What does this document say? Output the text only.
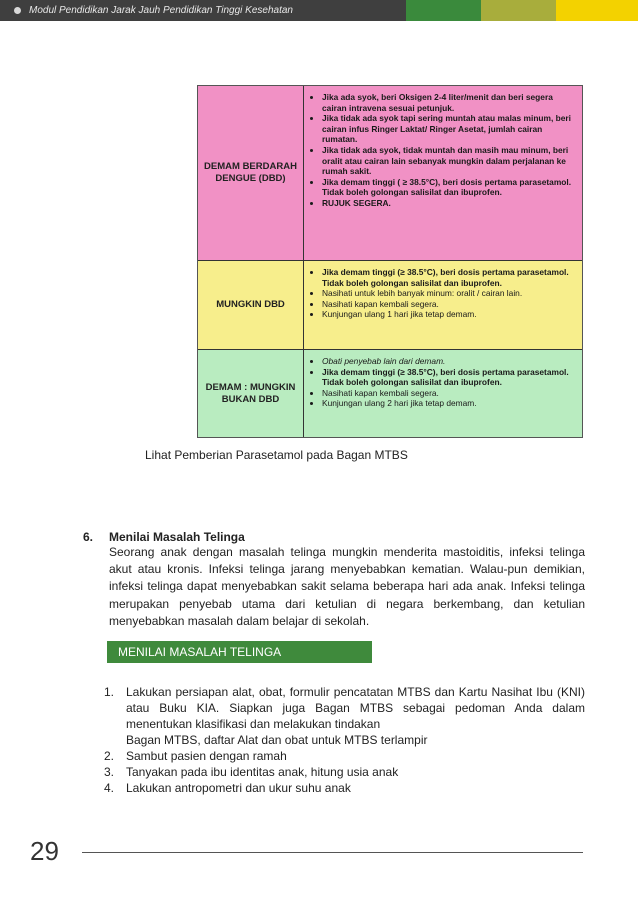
Modul Pendidikan Jarak Jauh Pendidikan Tinggi Kesehatan
DEMAM BERDARAH DENGUE (DBD)
• Jika ada syok, beri Oksigen 2-4 liter/menit dan beri segera cairan intravena sesuai petunjuk.
• Jika tidak ada syok tapi sering muntah atau malas minum, beri cairan infus Ringer Laktat/ Ringer Asetat, jumlah cairan rumatan.
• Jika tidak ada syok, tidak muntah dan masih mau minum, beri oralit atau cairan lain sebanyak mungkin dalam perjalanan ke rumah sakit.
• Jika demam tinggi ( ≥ 38.5°C), beri dosis pertama parasetamol. Tidak boleh golongan salisilat dan ibuprofen.
• RUJUK SEGERA.
MUNGKIN DBD
• Jika demam tinggi (≥ 38.5°C), beri dosis pertama parasetamol. Tidak boleh golongan salisilat dan ibuprofen.
• Nasihati untuk lebih banyak minum: oralit / cairan lain.
• Nasihati kapan kembali segera.
• Kunjungan ulang 1 hari jika tetap demam.
DEMAM : MUNGKIN BUKAN DBD
• Obati penyebab lain dari demam.
• Jika demam tinggi (≥ 38.5°C), beri dosis pertama parasetamol. Tidak boleh golongan salisilat dan ibuprofen.
• Nasihati kapan kembali segera.
• Kunjungan ulang 2 hari jika tetap demam.
Lihat Pemberian Parasetamol pada Bagan MTBS
6.	Menilai Masalah Telinga
Seorang anak dengan masalah telinga mungkin menderita mastoiditis, infeksi telinga akut atau kronis. Infeksi telinga jarang menyebabkan kematian. Walau-pun demikian, infeksi telinga dapat menyebabkan sakit selama beberapa hari ada anak. Infeksi telinga merupakan penyebab utama dari ketulian di negara berkembang, dan ketulian menyebabkan masalah dalam belajar di sekolah.
MENILAI MASALAH TELINGA
1. Lakukan persiapan alat, obat, formulir pencatatan MTBS dan Kartu Nasihat Ibu (KNI) atau Buku KIA. Siapkan juga Bagan MTBS sebagai pedoman Anda dalam menentukan klasifikasi dan melakukan tindakan
Bagan MTBS, daftar Alat dan obat untuk MTBS terlampir
2. Sambut pasien dengan ramah
3. Tanyakan pada ibu identitas anak, hitung usia anak
4. Lakukan antropometri dan ukur suhu anak
29
